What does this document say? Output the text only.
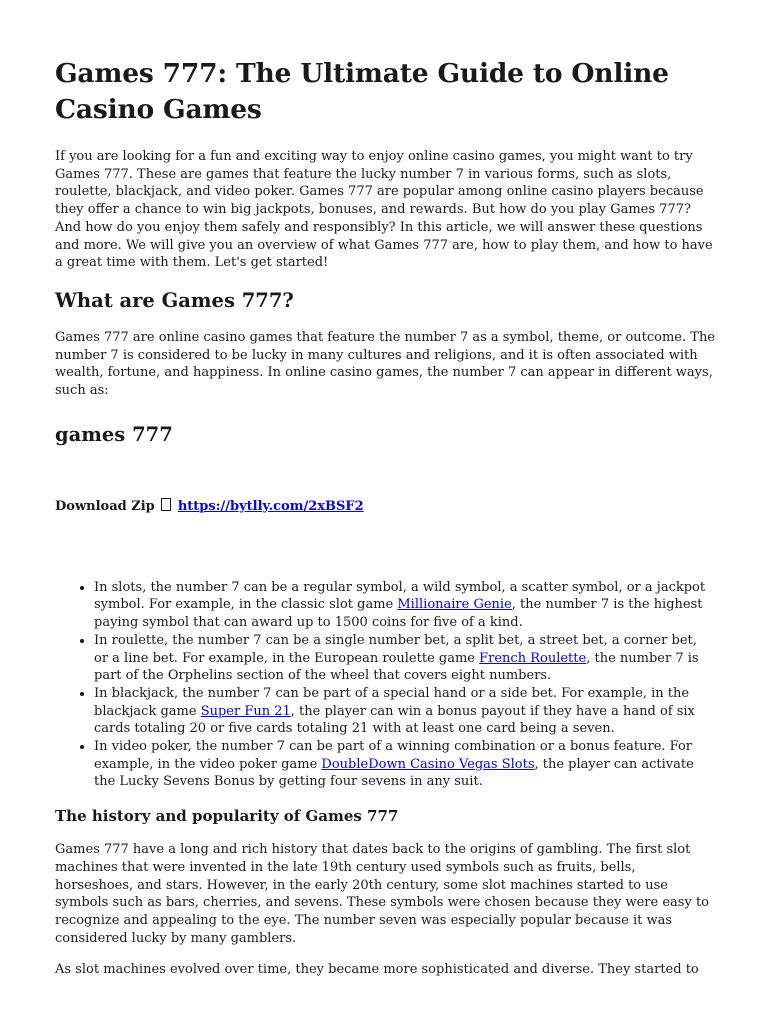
Games 777: The Ultimate Guide to Online Casino Games

If you are looking for a fun and exciting way to enjoy online casino games, you might want to try Games 777. These are games that feature the lucky number 7 in various forms, such as slots, roulette, blackjack, and video poker. Games 777 are popular among online casino players because they offer a chance to win big jackpots, bonuses, and rewards. But how do you play Games 777? And how do you enjoy them safely and responsibly? In this article, we will answer these questions and more. We will give you an overview of what Games 777 are, how to play them, and how to have a great time with them. Let's get started!

What are Games 777?

Games 777 are online casino games that feature the number 7 as a symbol, theme, or outcome. The number 7 is considered to be lucky in many cultures and religions, and it is often associated with wealth, fortune, and happiness. In online casino games, the number 7 can appear in different ways, such as:

games 777

Download Zip https://bytlly.com/2xBSF2

• In slots, the number 7 can be a regular symbol, a wild symbol, a scatter symbol, or a jackpot symbol. For example, in the classic slot game Millionaire Genie, the number 7 is the highest paying symbol that can award up to 1500 coins for five of a kind.
• In roulette, the number 7 can be a single number bet, a split bet, a street bet, a corner bet, or a line bet. For example, in the European roulette game French Roulette, the number 7 is part of the Orphelins section of the wheel that covers eight numbers.
• In blackjack, the number 7 can be part of a special hand or a side bet. For example, in the blackjack game Super Fun 21, the player can win a bonus payout if they have a hand of six cards totaling 20 or five cards totaling 21 with at least one card being a seven.
• In video poker, the number 7 can be part of a winning combination or a bonus feature. For example, in the video poker game DoubleDown Casino Vegas Slots, the player can activate the Lucky Sevens Bonus by getting four sevens in any suit.
The history and popularity of Games 777

Games 777 have a long and rich history that dates back to the origins of gambling. The first slot machines that were invented in the late 19th century used symbols such as fruits, bells, horseshoes, and stars. However, in the early 20th century, some slot machines started to use symbols such as bars, cherries, and sevens. These symbols were chosen because they were easy to recognize and appealing to the eye. The number seven was especially popular because it was considered lucky by many gamblers.

As slot machines evolved over time, they became more sophisticated and diverse. They started to
